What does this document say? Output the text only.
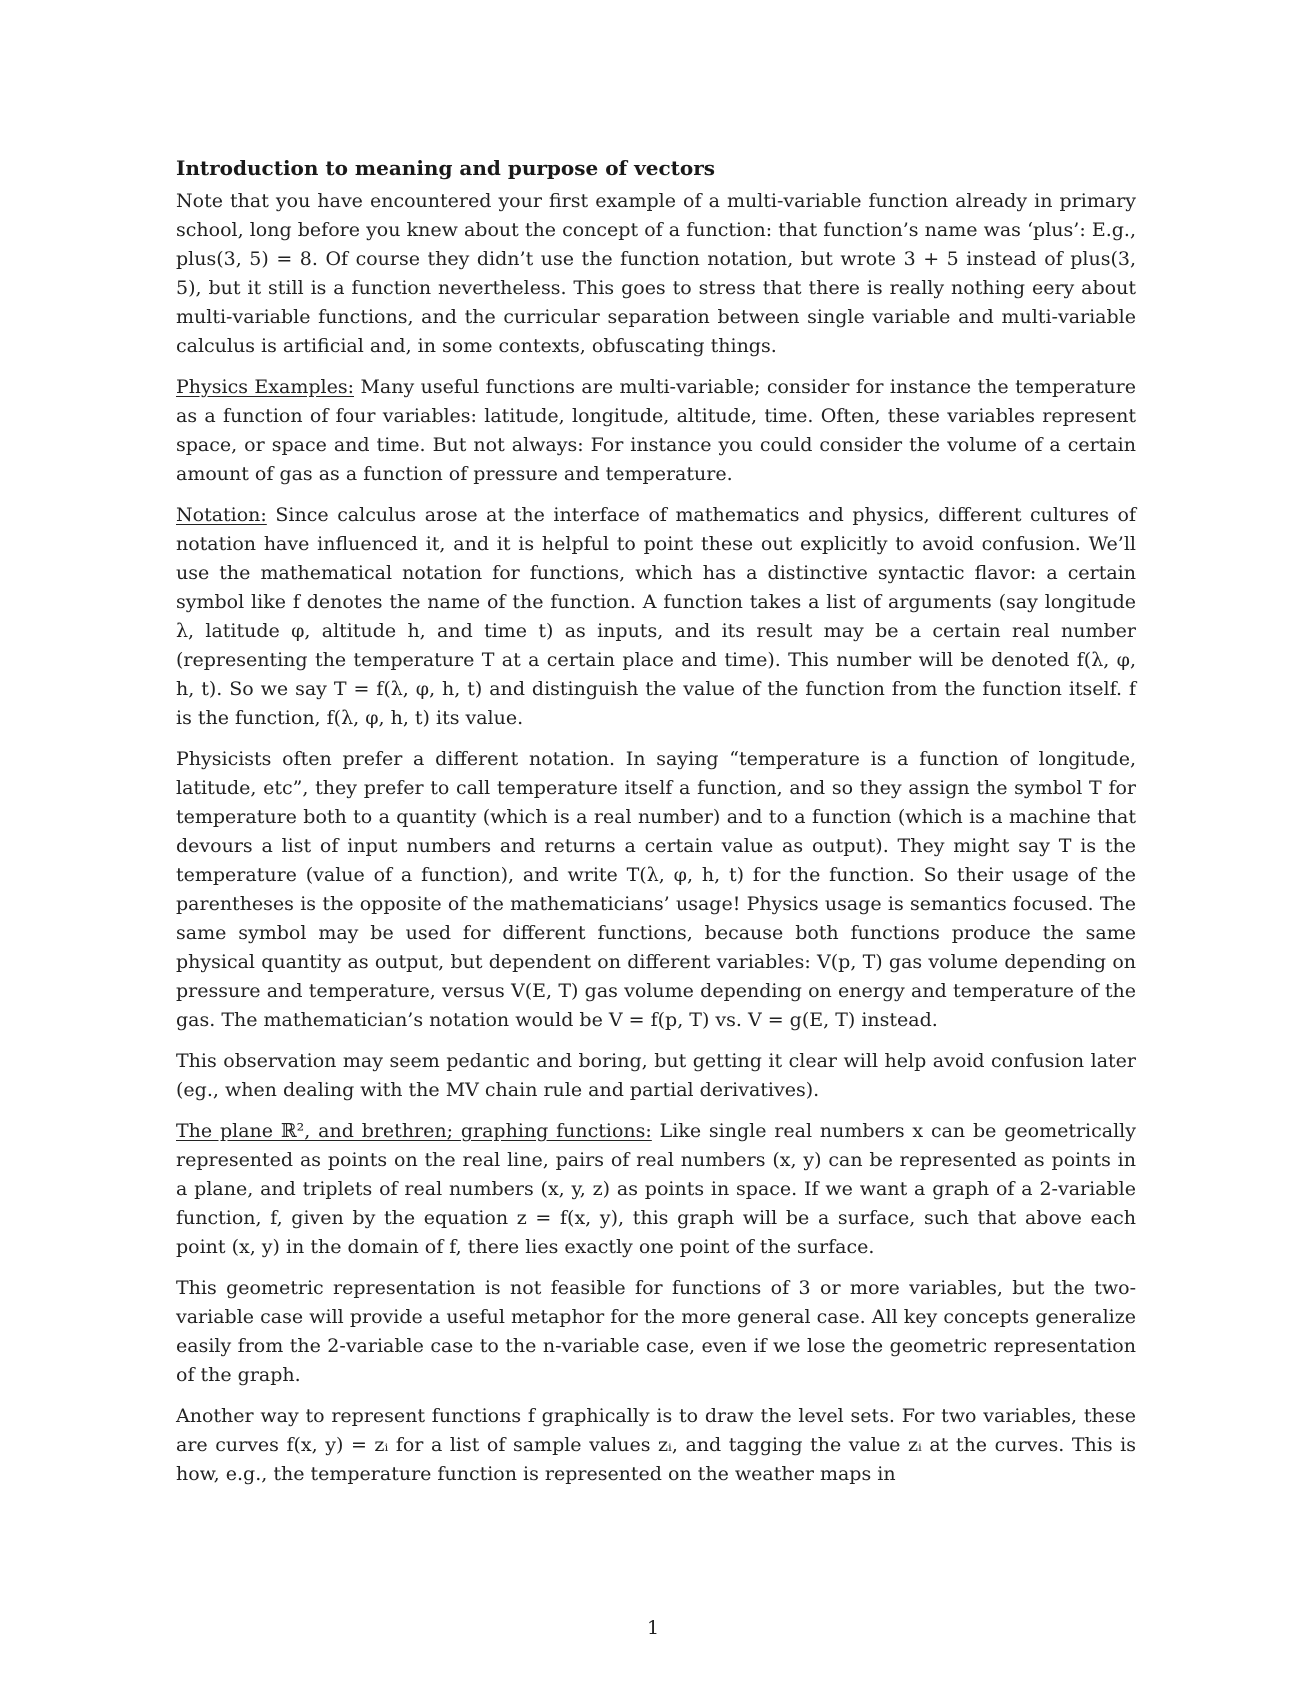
Introduction to meaning and purpose of vectors

Note that you have encountered your first example of a multi-variable function already in primary school, long before you knew about the concept of a function: that function’s name was ‘plus’: E.g., plus(3, 5) = 8. Of course they didn’t use the function notation, but wrote 3 + 5 instead of plus(3, 5), but it still is a function nevertheless. This goes to stress that there is really nothing eery about multi-variable functions, and the curricular separation between single variable and multi-variable calculus is artificial and, in some contexts, obfuscating things.

Physics Examples: Many useful functions are multi-variable; consider for instance the temperature as a function of four variables: latitude, longitude, altitude, time. Often, these variables represent space, or space and time. But not always: For instance you could consider the volume of a certain amount of gas as a function of pressure and temperature.

Notation: Since calculus arose at the interface of mathematics and physics, different cultures of notation have influenced it, and it is helpful to point these out explicitly to avoid confusion. We’ll use the mathematical notation for functions, which has a distinctive syntactic flavor: a certain symbol like f denotes the name of the function. A function takes a list of arguments (say longitude λ, latitude φ, altitude h, and time t) as inputs, and its result may be a certain real number (representing the temperature T at a certain place and time). This number will be denoted f(λ, φ, h, t). So we say T = f(λ, φ, h, t) and distinguish the value of the function from the function itself. f is the function, f(λ, φ, h, t) its value.

Physicists often prefer a different notation. In saying “temperature is a function of longitude, latitude, etc”, they prefer to call temperature itself a function, and so they assign the symbol T for temperature both to a quantity (which is a real number) and to a function (which is a machine that devours a list of input numbers and returns a certain value as output). They might say T is the temperature (value of a function), and write T(λ, φ, h, t) for the function. So their usage of the parentheses is the opposite of the mathematicians’ usage! Physics usage is semantics focused. The same symbol may be used for different functions, because both functions produce the same physical quantity as output, but dependent on different variables: V(p, T) gas volume depending on pressure and temperature, versus V(E, T) gas volume depending on energy and temperature of the gas. The mathematician’s notation would be V = f(p, T) vs. V = g(E, T) instead.

This observation may seem pedantic and boring, but getting it clear will help avoid confusion later (eg., when dealing with the MV chain rule and partial derivatives).

The plane ℝ², and brethren; graphing functions: Like single real numbers x can be geometrically represented as points on the real line, pairs of real numbers (x, y) can be represented as points in a plane, and triplets of real numbers (x, y, z) as points in space. If we want a graph of a 2-variable function, f, given by the equation z = f(x, y), this graph will be a surface, such that above each point (x, y) in the domain of f, there lies exactly one point of the surface.

This geometric representation is not feasible for functions of 3 or more variables, but the two-variable case will provide a useful metaphor for the more general case. All key concepts generalize easily from the 2-variable case to the n-variable case, even if we lose the geometric representation of the graph.

Another way to represent functions f graphically is to draw the level sets. For two variables, these are curves f(x, y) = zᵢ for a list of sample values zᵢ, and tagging the value zᵢ at the curves. This is how, e.g., the temperature function is represented on the weather maps in

1
